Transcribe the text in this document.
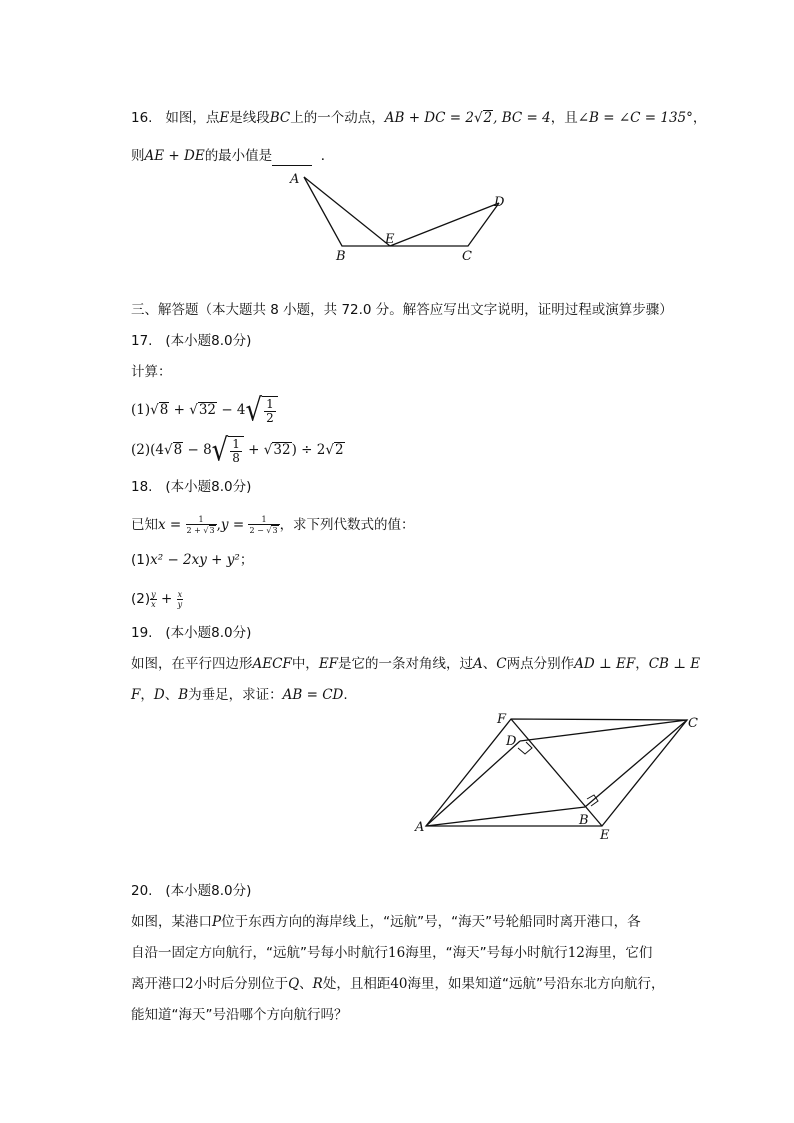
16. 如图，点E是线段BC上的一个动点，AB + DC = 2√2, BC = 4，且∠B = ∠C = 135°，
则AE + DE的最小值是	．
A
B
E
C
D
三、解答题（本大题共 8 小题，共 72.0 分。解答应写出文字说明，证明过程或演算步骤）
17. (本小题8.0分)
计算：
(1)√8 + √32 − 4 √ $\frac{1}{2}$
(2)(4√8 − 8 √ $\frac{1}{8} + √32) \div 2√2$
18. (本小题8.0分)
已知$x = \frac{1}{2 + √3} ,y = \frac{1}{2 - √3}$ ，求下列代数式的值：
(1)x² − 2xy + y²；
$(2) \frac{y}{x} + \frac{x}{y}$
19. (本小题8.0分)
如图，在平行四边形AECF中，EF是它的一条对角线，过A、C两点分别作AD ⊥ EF，CB ⊥ E
F，D、B为垂足，求证：AB = CD.
F	C
D
A	B
E
20. (本小题8.0分)
如图，某港口P位于东西方向的海岸线上，“远航”号，“海天”号轮船同时离开港口，各
自沿一固定方向航行，“远航”号每小时航行16海里，“海天”号每小时航行12海里，它们
离开港口2小时后分别位于Q、R处，且相距40海里，如果知道“远航”号沿东北方向航行，
能知道“海天”号沿哪个方向航行吗？
